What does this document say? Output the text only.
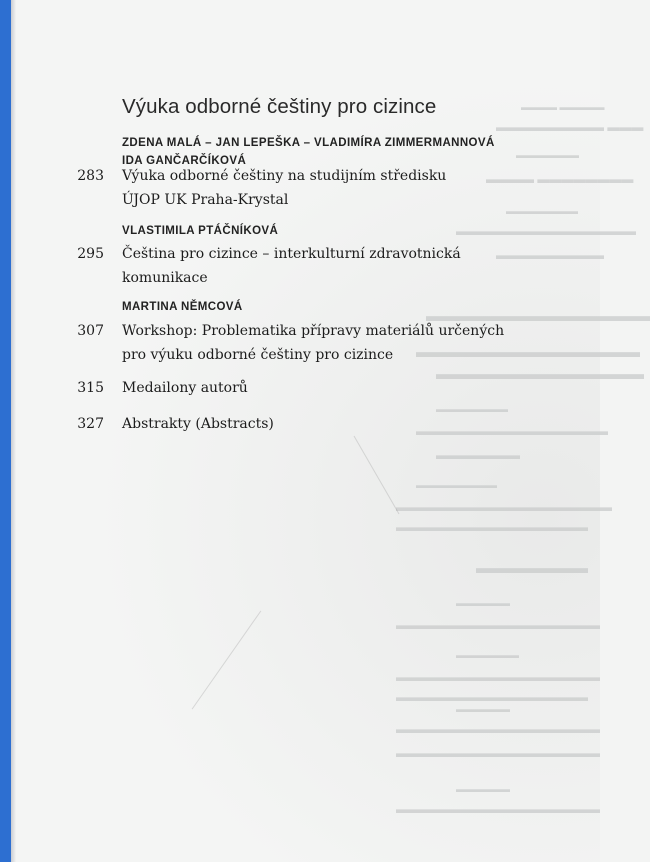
▬▬▬▬▬ ▬▬▬▬
▬▬▬ ▬▬▬▬▬▬▬▬▬
▬▬▬▬▬▬▬
▬▬▬▬▬▬▬▬ ▬▬▬▬
▬▬▬▬▬▬▬▬
▬▬▬▬▬▬▬▬▬▬▬▬▬▬▬
▬▬▬▬▬▬▬▬▬
▬▬▬▬▬▬▬▬▬▬▬▬▬▬
▬▬▬▬▬▬▬▬▬▬▬▬▬▬
▬▬▬▬▬▬▬▬▬▬▬▬▬
▬▬▬▬▬▬▬▬
▬▬▬▬▬▬▬▬▬▬▬▬▬▬▬▬
▬▬▬▬▬▬▬
▬▬▬▬▬▬▬▬▬
▬▬▬▬▬▬▬▬▬▬▬▬▬▬▬▬▬▬
▬▬▬▬▬▬▬▬▬▬▬▬▬▬▬▬
▬▬▬▬▬▬▬
▬▬▬▬▬▬
▬▬▬▬▬▬▬▬▬▬▬▬▬▬▬▬▬
▬▬▬▬▬▬▬
▬▬▬▬▬▬▬▬▬▬▬▬▬▬▬▬▬
▬▬▬▬▬▬▬▬▬▬▬▬▬▬▬▬
▬▬▬▬▬▬
▬▬▬▬▬▬▬▬▬▬▬▬▬▬▬▬▬
▬▬▬▬▬▬▬▬▬▬▬▬▬▬▬▬▬
▬▬▬▬▬▬
▬▬▬▬▬▬▬▬▬▬▬▬▬▬▬▬▬
Výuka odborné češtiny pro cizince
ZDENA MALÁ – JAN LEPEŠKA – VLADIMÍRA ZIMMERMANNOVÁ
IDA GANČARČÍKOVÁ
283 Výuka odborné češtiny na studijním středisku
ÚJOP UK Praha-Krystal
VLASTIMILA PTÁČNÍKOVÁ
295 Čeština pro cizince – interkulturní zdravotnická
komunikace
MARTINA NĚMCOVÁ
307 Workshop: Problematika přípravy materiálů určených
pro výuku odborné češtiny pro cizince
315 Medailony autorů
327 Abstrakty (Abstracts)
